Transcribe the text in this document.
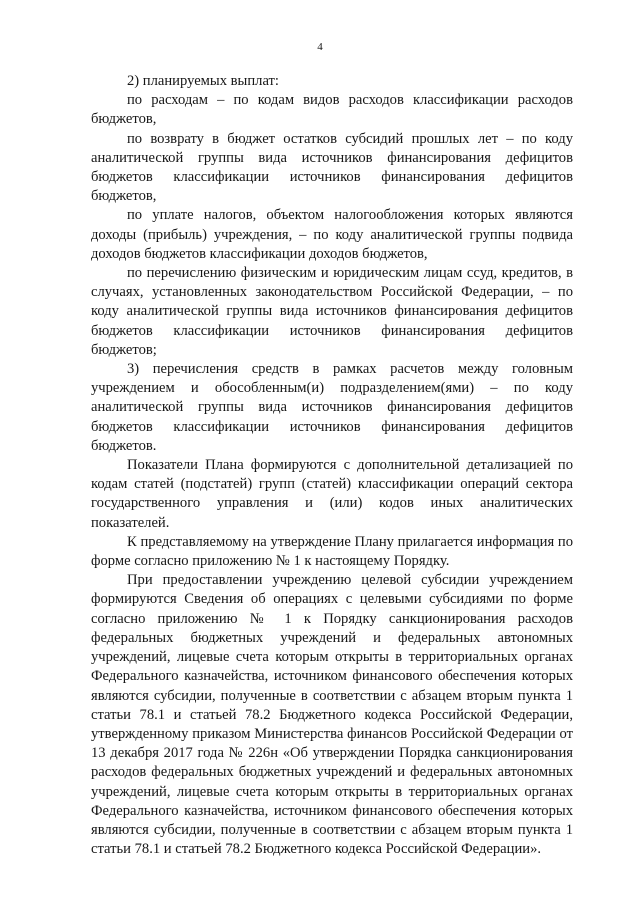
4

2) планируемых выплат:

по расходам – по кодам видов расходов классификации расходов бюджетов,

по возврату в бюджет остатков субсидий прошлых лет – по коду аналитической группы вида источников финансирования дефицитов бюджетов классификации источников финансирования дефицитов бюджетов,

по уплате налогов, объектом налогообложения которых являются доходы (прибыль) учреждения, – по коду аналитической группы подвида доходов бюджетов классификации доходов бюджетов,

по перечислению физическим и юридическим лицам ссуд, кредитов, в случаях, установленных законодательством Российской Федерации, – по коду аналитической группы вида источников финансирования дефицитов бюджетов классификации источников финансирования дефицитов бюджетов;

3) перечисления средств в рамках расчетов между головным учреждением и обособленным(и) подразделением(ями) – по коду аналитической группы вида источников финансирования дефицитов бюджетов классификации источников финансирования дефицитов бюджетов.

Показатели Плана формируются с дополнительной детализацией по кодам статей (подстатей) групп (статей) классификации операций сектора государственного управления и (или) кодов иных аналитических показателей.

К представляемому на утверждение Плану прилагается информация по форме согласно приложению № 1 к настоящему Порядку.

При предоставлении учреждению целевой субсидии учреждением формируются Сведения об операциях с целевыми субсидиями по форме согласно приложению № 1 к Порядку санкционирования расходов федеральных бюджетных учреждений и федеральных автономных учреждений, лицевые счета которым открыты в территориальных органах Федерального казначейства, источником финансового обеспечения которых являются субсидии, полученные в соответствии с абзацем вторым пункта 1 статьи 78.1 и статьей 78.2 Бюджетного кодекса Российской Федерации, утвержденному приказом Министерства финансов Российской Федерации от 13 декабря 2017 года № 226н «Об утверждении Порядка санкционирования расходов федеральных бюджетных учреждений и федеральных автономных учреждений, лицевые счета которым открыты в территориальных органах Федерального казначейства, источником финансового обеспечения которых являются субсидии, полученные в соответствии с абзацем вторым пункта 1 статьи 78.1 и статьей 78.2 Бюджетного кодекса Российской Федерации».
